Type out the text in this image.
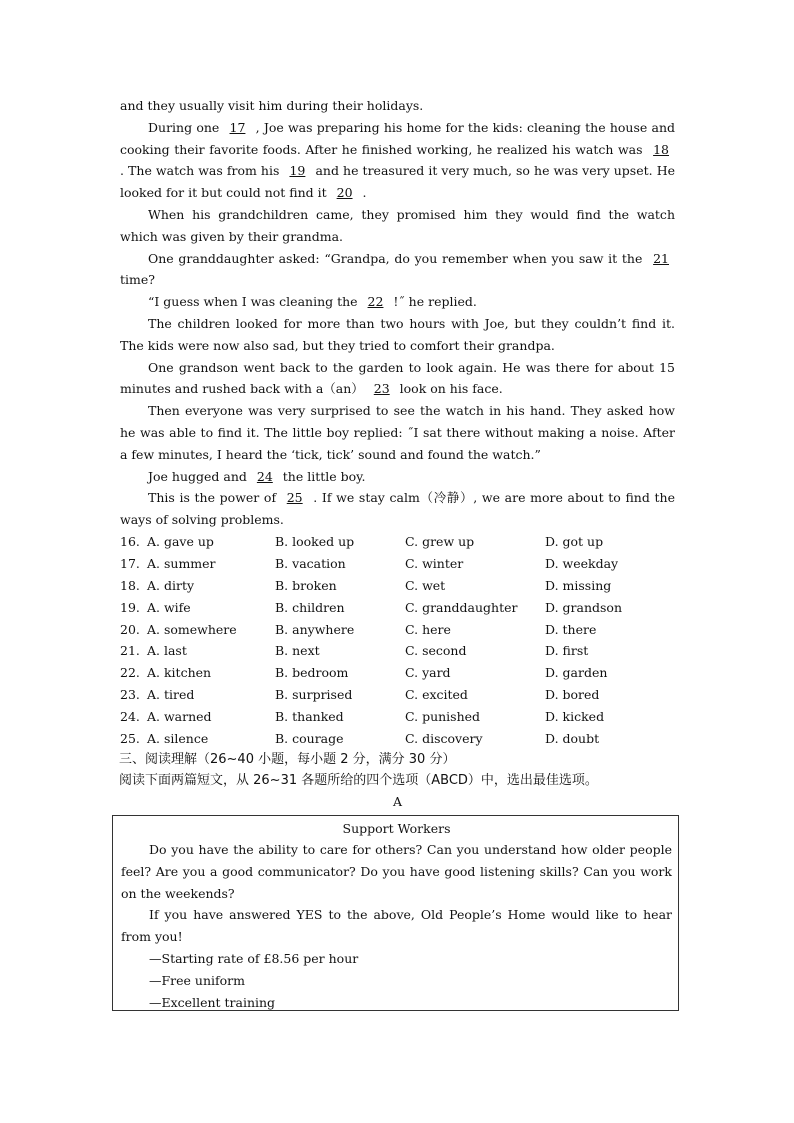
and they usually visit him during their holidays.

During one 17 , Joe was preparing his home for the kids: cleaning the house and cooking their favorite foods. After he finished working, he realized his watch was 18 . The watch was from his 19 and he treasured it very much, so he was very upset. He looked for it but could not find it 20 .

When his grandchildren came, they promised him they would find the watch which was given by their grandma.

One granddaughter asked: “Grandpa, do you remember when you saw it the 21 time?

“I guess when I was cleaning the 22 !˝ he replied.

The children looked for more than two hours with Joe, but they couldn’t find it. The kids were now also sad, but they tried to comfort their grandpa.

One grandson went back to the garden to look again. He was there for about 15 minutes and rushed back with a（an） 23 look on his face.

Then everyone was very surprised to see the watch in his hand. They asked how he was able to find it. The little boy replied: ˝I sat there without making a noise. After a few minutes, I heard the ‘tick, tick’ sound and found the watch.”

Joe hugged and 24 the little boy.

This is the power of 25 . If we stay calm（冷静）, we are more about to find the ways of solving problems.

16.	A. gave up	B. looked up	C. grew up	D. got up
17.	A. summer	B. vacation	C. winter	D. weekday
18.	A. dirty	B. broken	C. wet	D. missing
19.	A. wife	B. children	C. granddaughter	D. grandson
20.	A. somewhere	B. anywhere	C. here	D. there
21.	A. last	B. next	C. second	D. first
22.	A. kitchen	B. bedroom	C. yard	D. garden
23.	A. tired	B. surprised	C. excited	D. bored
24.	A. warned	B. thanked	C. punished	D. kicked
25.	A. silence	B. courage	C. discovery	D. doubt

三、阅读理解（26~40 小题，每小题 2 分，满分 30 分）

阅读下面两篇短文，从 26~31 各题所给的四个选项（ABCD）中，选出最佳选项。

A
Support Workers

Do you have the ability to care for others? Can you understand how older people feel? Are you a good communicator? Do you have good listening skills? Can you work on the weekends?

If you have answered YES to the above, Old People’s Home would like to hear from you!

—Starting rate of £8.56 per hour

—Free uniform

—Excellent training
